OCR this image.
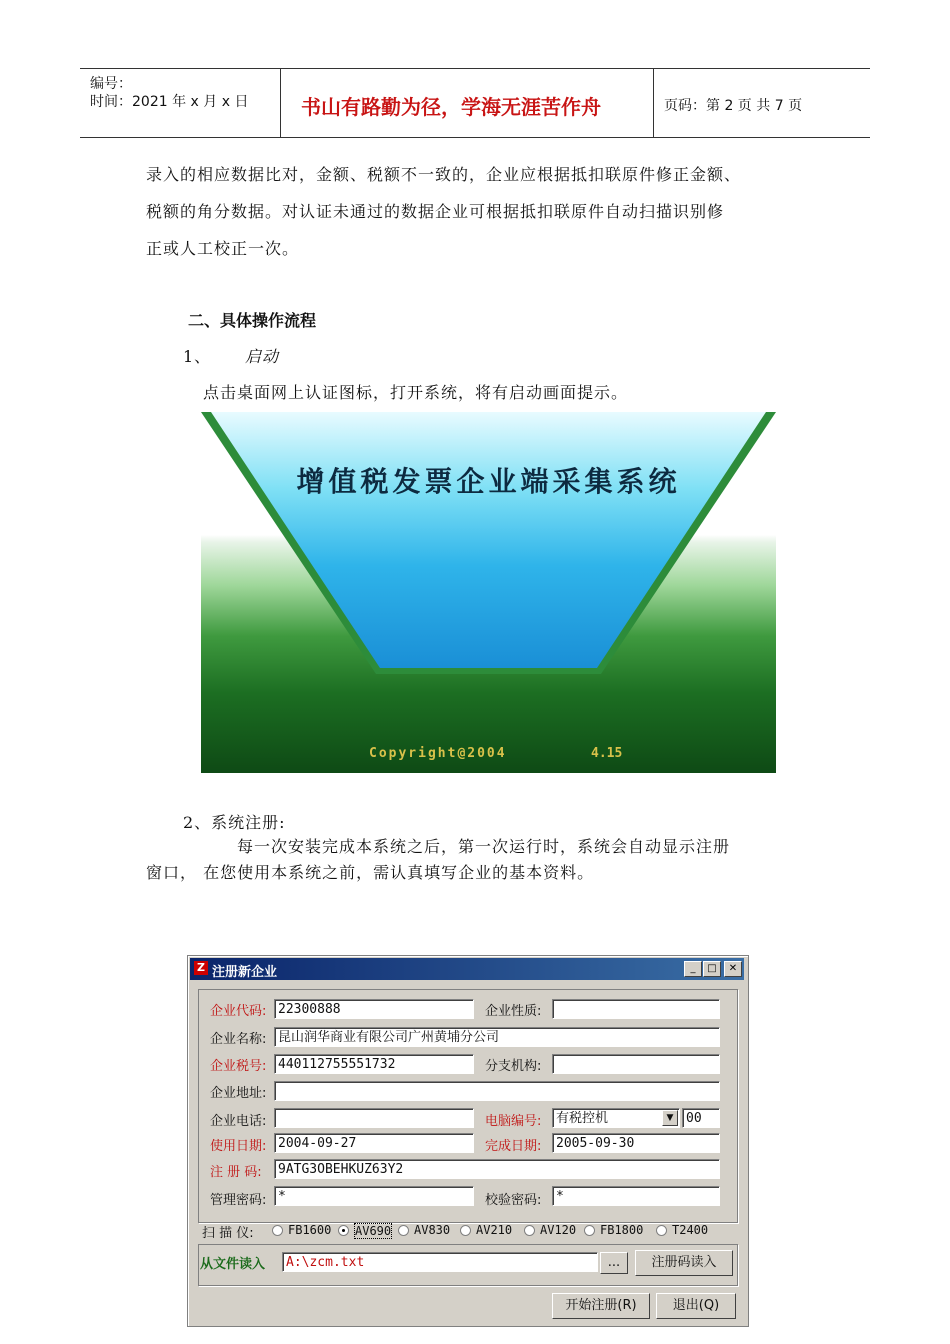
编号：
时间：2021 年 x 月 x 日	书山有路勤为径，学海无涯苦作舟	页码：第 2 页 共 7 页
录入的相应数据比对，金额、税额不一致的，企业应根据抵扣联原件修正金额、
税额的角分数据。对认证未通过的数据企业可根据抵扣联原件自动扫描识别修
正或人工校正一次。
二、具体操作流程
1、 启动
点击桌面网上认证图标，打开系统，将有启动画面提示。
增值税发票企业端采集系统
Copyright@2004	4.15
2、系统注册:
每一次安装完成本系统之后，第一次运行时，系统会自动显示注册
窗口， 在您使用本系统之前，需认真填写企业的基本资料。
Z 注册新企业	_	□	✕
企业代码: 22300888	企业性质:
企业名称: 昆山润华商业有限公司广州黄埔分公司
企业税号: 440112755551732	分支机构:
企业地址:
企业电话:	电脑编号:	有税控机	▼ 00
使用日期: 2004-09-27	完成日期:	2005-09-30
注 册 码:	9ATG3OBEHKUZ63Y2
管理密码: *	校验密码:	*
扫 描 仪:	FB1600 AV690 AV830 AV210 AV120 FB1800 T2400
从文件读入	A:\zcm.txt	...	注册码读入
开始注册(R)	退出(Q)
